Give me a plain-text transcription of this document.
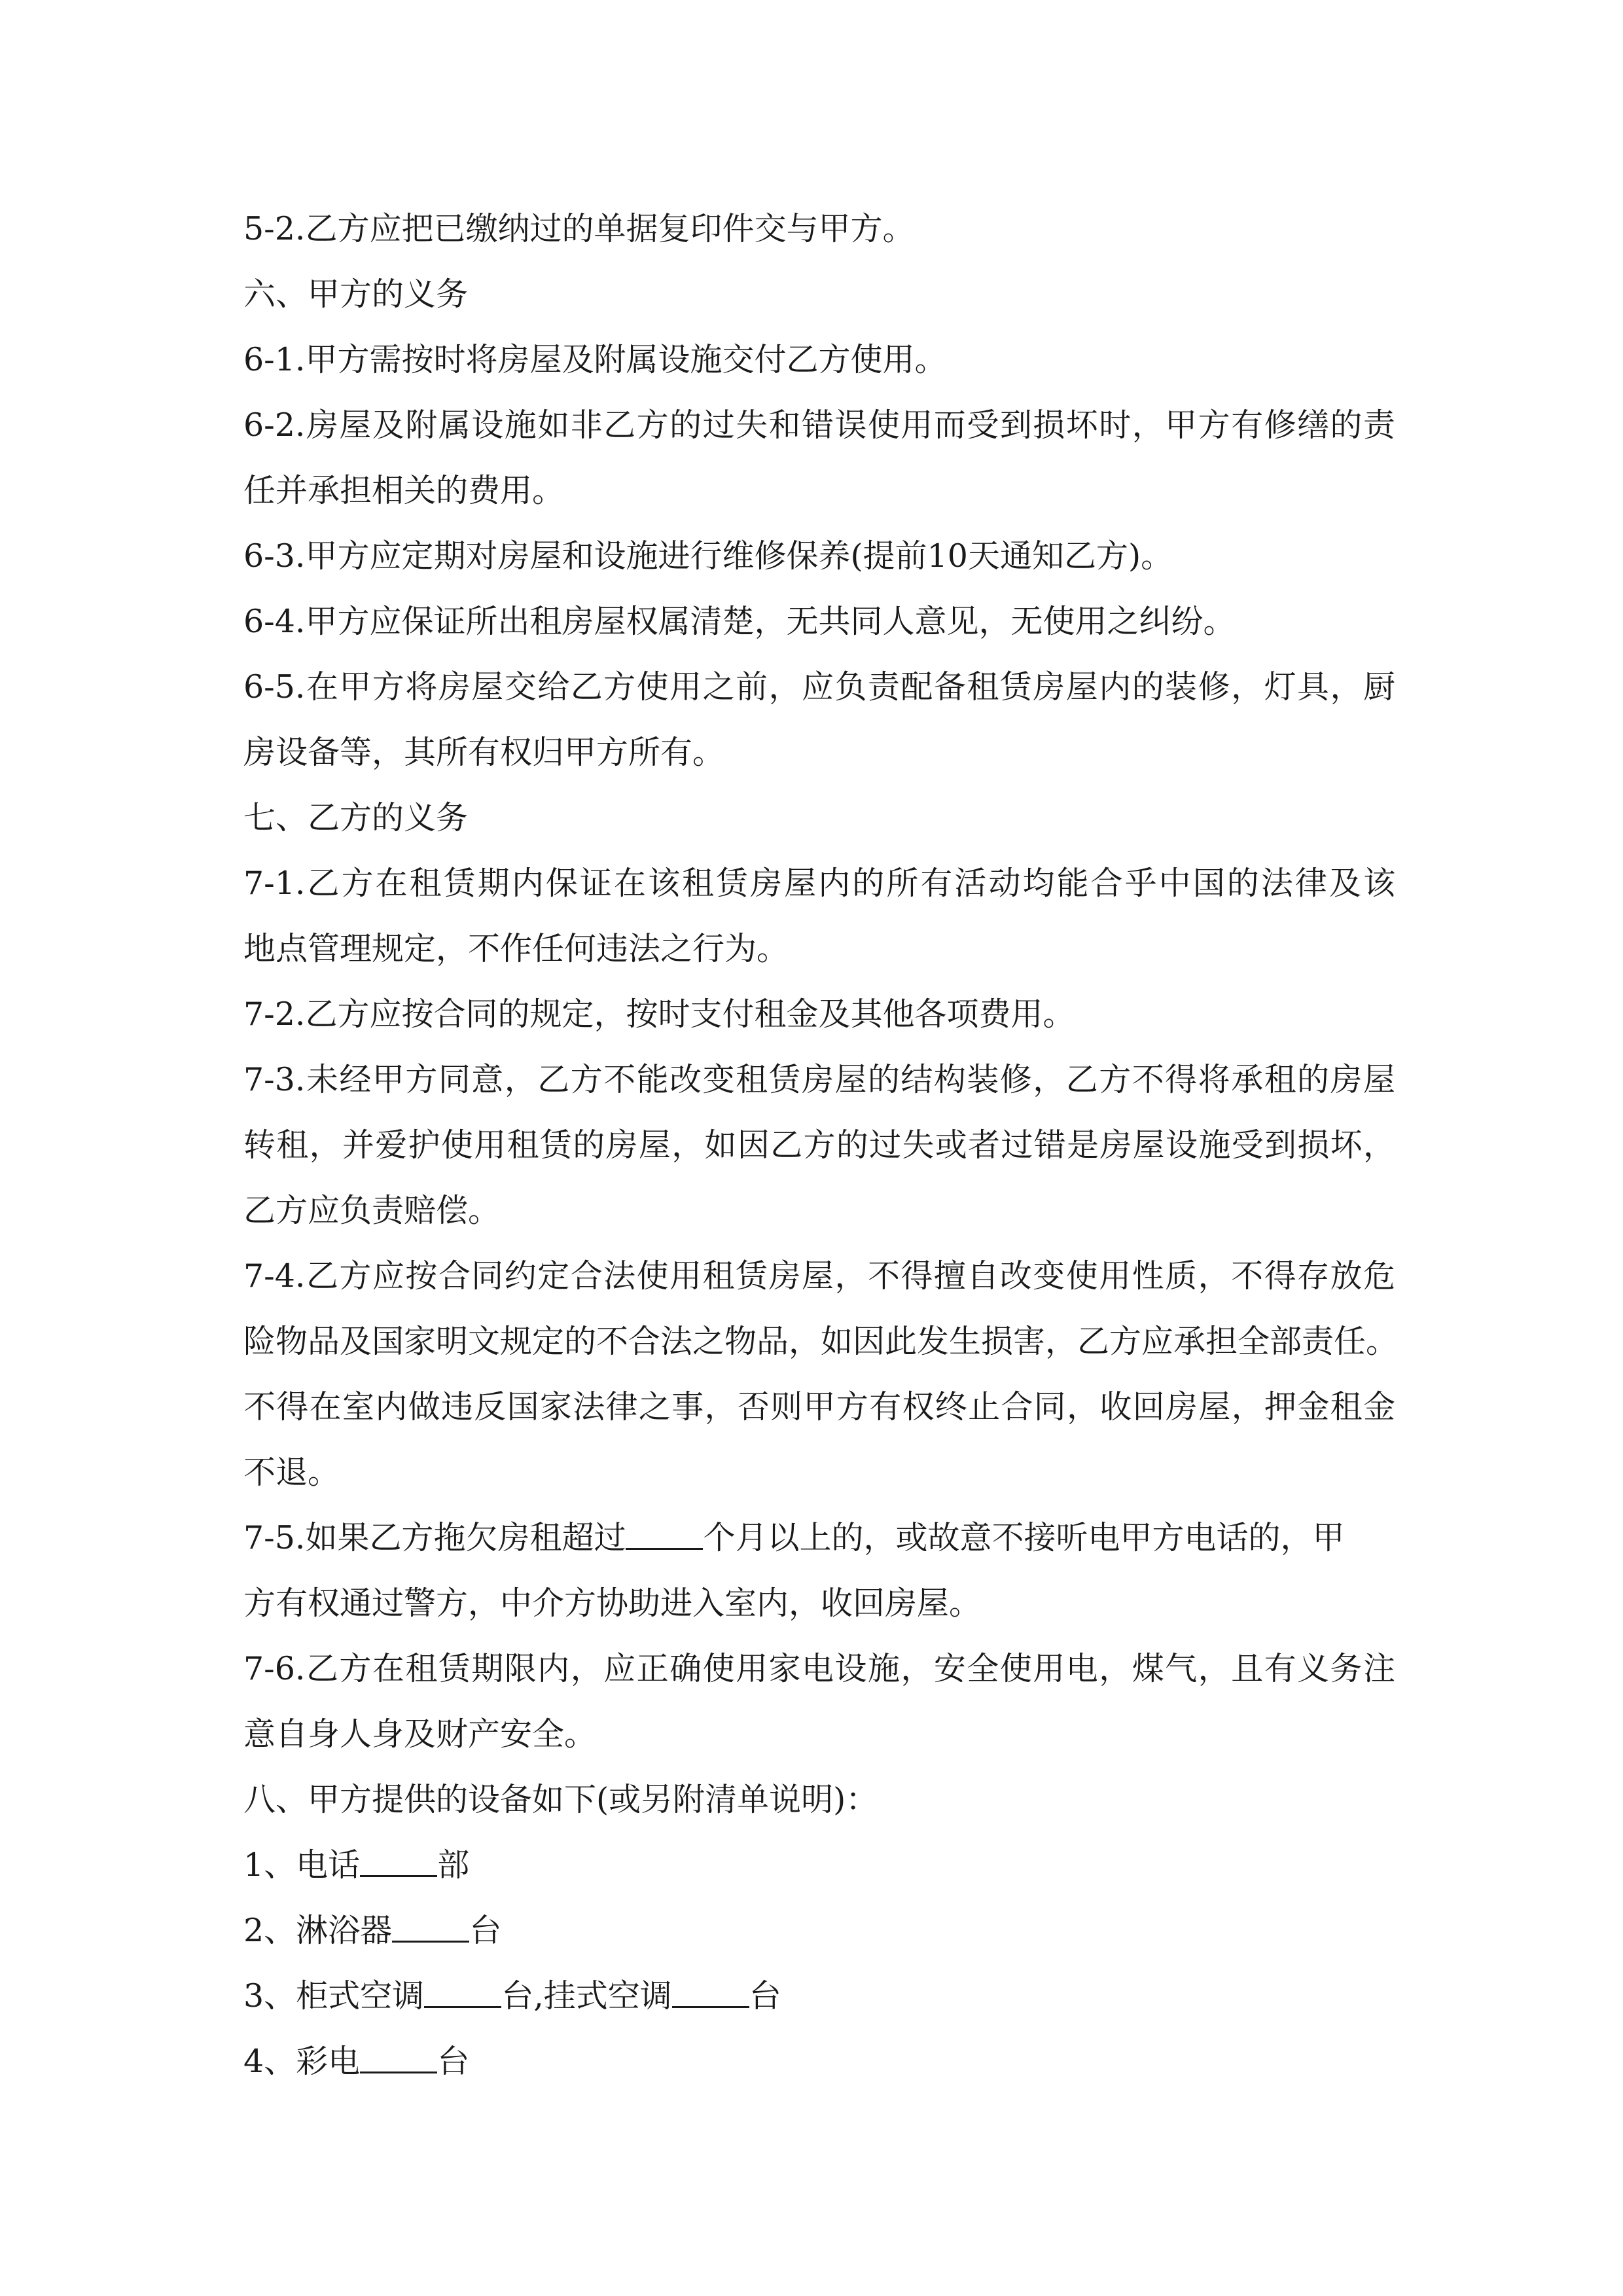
5-2.乙方应把已缴纳过的单据复印件交与甲方。
六、甲方的义务
6-1.甲方需按时将房屋及附属设施交付乙方使用。
6-2.房屋及附属设施如非乙方的过失和错误使用而受到损坏时，甲方有修缮的责
任并承担相关的费用。
6-3.甲方应定期对房屋和设施进行维修保养(提前10天通知乙方)。
6-4.甲方应保证所出租房屋权属清楚，无共同人意见，无使用之纠纷。
6-5.在甲方将房屋交给乙方使用之前，应负责配备租赁房屋内的装修，灯具，厨
房设备等，其所有权归甲方所有。
七、乙方的义务
7-1.乙方在租赁期内保证在该租赁房屋内的所有活动均能合乎中国的法律及该
地点管理规定，不作任何违法之行为。
7-2.乙方应按合同的规定，按时支付租金及其他各项费用。
7-3.未经甲方同意，乙方不能改变租赁房屋的结构装修，乙方不得将承租的房屋
转租，并爱护使用租赁的房屋，如因乙方的过失或者过错是房屋设施受到损坏，
乙方应负责赔偿。
7-4.乙方应按合同约定合法使用租赁房屋，不得擅自改变使用性质，不得存放危
险物品及国家明文规定的不合法之物品，如因此发生损害，乙方应承担全部责任。
不得在室内做违反国家法律之事，否则甲方有权终止合同，收回房屋，押金租金
不退。
7-5.如果乙方拖欠房租超过 个月以上的，或故意不接听电甲方电话的，甲
方有权通过警方，中介方协助进入室内，收回房屋。
7-6.乙方在租赁期限内，应正确使用家电设施，安全使用电，煤气，且有义务注
意自身人身及财产安全。
八、甲方提供的设备如下(或另附清单说明)：
1、电话 部
2、淋浴器 台
3、柜式空调 台,挂式空调 台
4、彩电 台
